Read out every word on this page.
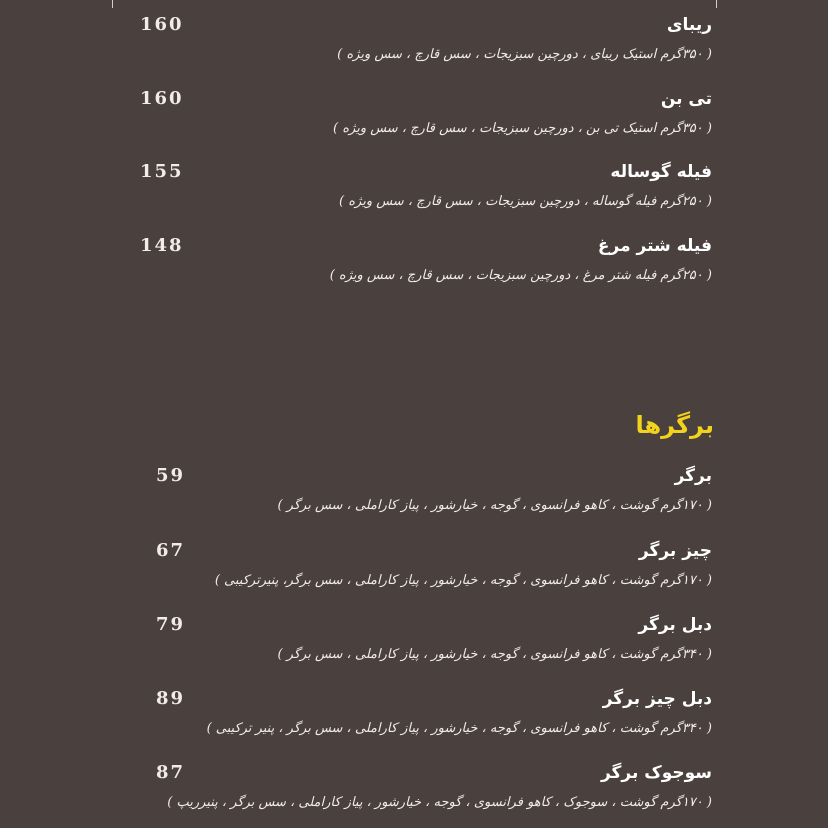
ریبای
160
( ۳۵۰گرم استیک ریبای ، دورچین سبزیجات ، سس قارچ ، سس ویژه )
تی بن
160
( ۳۵۰گرم استیک تی بن ، دورچین سبزیجات ، سس قارچ ، سس ویژه )
فیله گوساله
155
( ۲۵۰گرم فیله گوساله ، دورچین سبزیجات ، سس قارچ ، سس ویژه )
فیله شتر مرغ
148
( ۲۵۰گرم فیله شتر مرغ ، دورچین سبزیجات ، سس قارچ ، سس ویژه )
برگرها
برگر
59
( ۱۷۰گرم گوشت ، کاهو فرانسوی ، گوجه ، خیارشور ، پیاز کاراملی ، سس برگر )
چیز برگر
67
( ۱۷۰گرم گوشت ، کاهو فرانسوی ، گوجه ، خیارشور ، پیاز کاراملی ، سس برگر، پنیرترکیبی )
دبل برگر
79
( ۳۴۰گرم گوشت ، کاهو فرانسوی ، گوجه ، خیارشور ، پیاز کاراملی ، سس برگر )
دبل چیز برگر
89
( ۳۴۰گرم گوشت ، کاهو فرانسوی ، گوجه ، خیارشور ، پیاز کاراملی ، سس برگر ، پنیر ترکیبی )
سوجوک برگر
87
( ۱۷۰گرم گوشت ، سوجوک ، کاهو فرانسوی ، گوجه ، خیارشور ، پیاز کاراملی ، سس برگر ، پنیرریپ )
